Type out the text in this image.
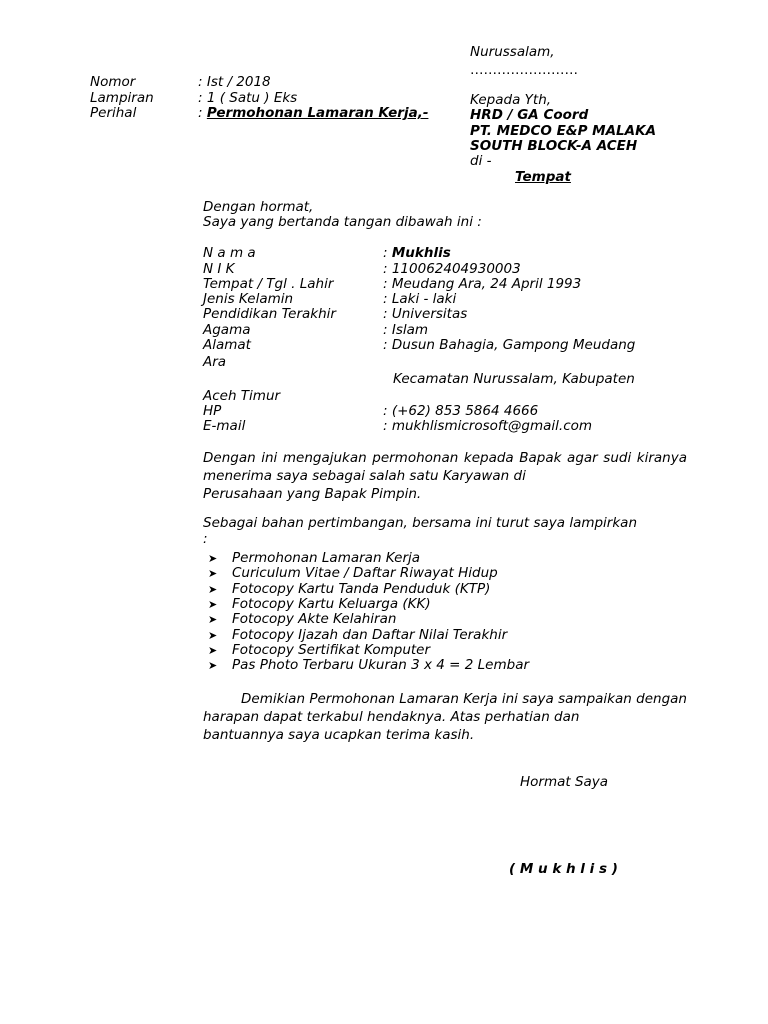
Nurussalam,
……………………
Nomor	: Ist / 2018
Lampiran	: 1 ( Satu ) Eks
Perihal	: Permohonan Lamaran Kerja,-
Kepada Yth,
HRD / GA Coord
PT. MEDCO E&P MALAKA
SOUTH BLOCK-A ACEH
di -
Tempat
Dengan hormat,
Saya yang bertanda tangan dibawah ini :
N a m a	: Mukhlis
N I K	: 110062404930003
Tempat / Tgl . Lahir	: Meudang Ara, 24 April 1993
Jenis Kelamin	: Laki - laki
Pendidikan Terakhir	: Universitas
Agama	: Islam
Alamat	: Dusun Bahagia, Gampong Meudang
Ara
Kecamatan Nurussalam, Kabupaten
Aceh Timur
HP	: (+62) 853 5864 4666
E-mail	: mukhlismicrosoft@gmail.com
Dengan ini mengajukan permohonan kepada Bapak agar sudi kiranya menerima saya sebagai salah satu Karyawan di
Perusahaan yang Bapak Pimpin.
Sebagai bahan pertimbangan, bersama ini turut saya lampirkan
:
➤ Permohonan Lamaran Kerja
➤ Curiculum Vitae / Daftar Riwayat Hidup
➤ Fotocopy Kartu Tanda Penduduk (KTP)
➤ Fotocopy Kartu Keluarga (KK)
➤ Fotocopy Akte Kelahiran
➤ Fotocopy Ijazah dan Daftar Nilai Terakhir
➤ Fotocopy Sertifikat Komputer
➤ Pas Photo Terbaru Ukuran 3 x 4 = 2 Lembar
Demikian Permohonan Lamaran Kerja ini saya sampaikan dengan harapan dapat terkabul hendaknya. Atas perhatian dan
bantuannya saya ucapkan terima kasih.
Hormat Saya
( M u k h l i s )
